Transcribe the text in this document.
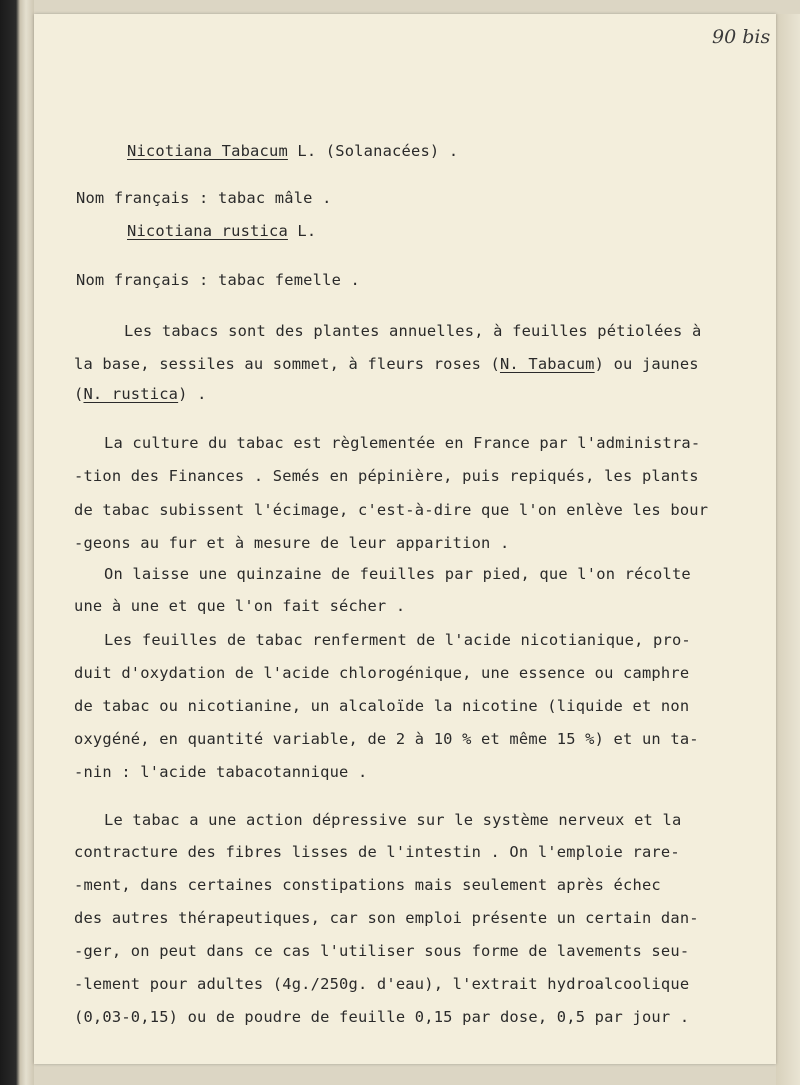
90 bis
Nicotiana Tabacum L. (Solanacées) .
Nom français : tabac mâle .
Nicotiana rustica L.
Nom français : tabac femelle .
Les tabacs sont des plantes annuelles, à feuilles pétiolées à
la base, sessiles au sommet, à fleurs roses (N. Tabacum) ou jaunes
(N. rustica) .
La culture du tabac est règlementée en France par l'administra-
-tion des Finances . Semés en pépinière, puis repiqués, les plants
de tabac subissent l'écimage, c'est-à-dire que l'on enlève les bour
-geons au fur et à mesure de leur apparition .
On laisse une quinzaine de feuilles par pied, que l'on récolte
une à une et que l'on fait sécher .
Les feuilles de tabac renferment de l'acide nicotianique, pro-
duit d'oxydation de l'acide chlorogénique, une essence ou camphre
de tabac ou nicotianine, un alcaloïde la nicotine (liquide et non
oxygéné, en quantité variable, de 2 à 10 % et même 15 %) et un ta-
-nin : l'acide tabacotannique .
Le tabac a une action dépressive sur le système nerveux et la
contracture des fibres lisses de l'intestin . On l'emploie rare-
-ment, dans certaines constipations mais seulement après échec
des autres thérapeutiques, car son emploi présente un certain dan-
-ger, on peut dans ce cas l'utiliser sous forme de lavements seu-
-lement pour adultes (4g./250g. d'eau), l'extrait hydroalcoolique
(0,03-0,15) ou de poudre de feuille 0,15 par dose, 0,5 par jour .
